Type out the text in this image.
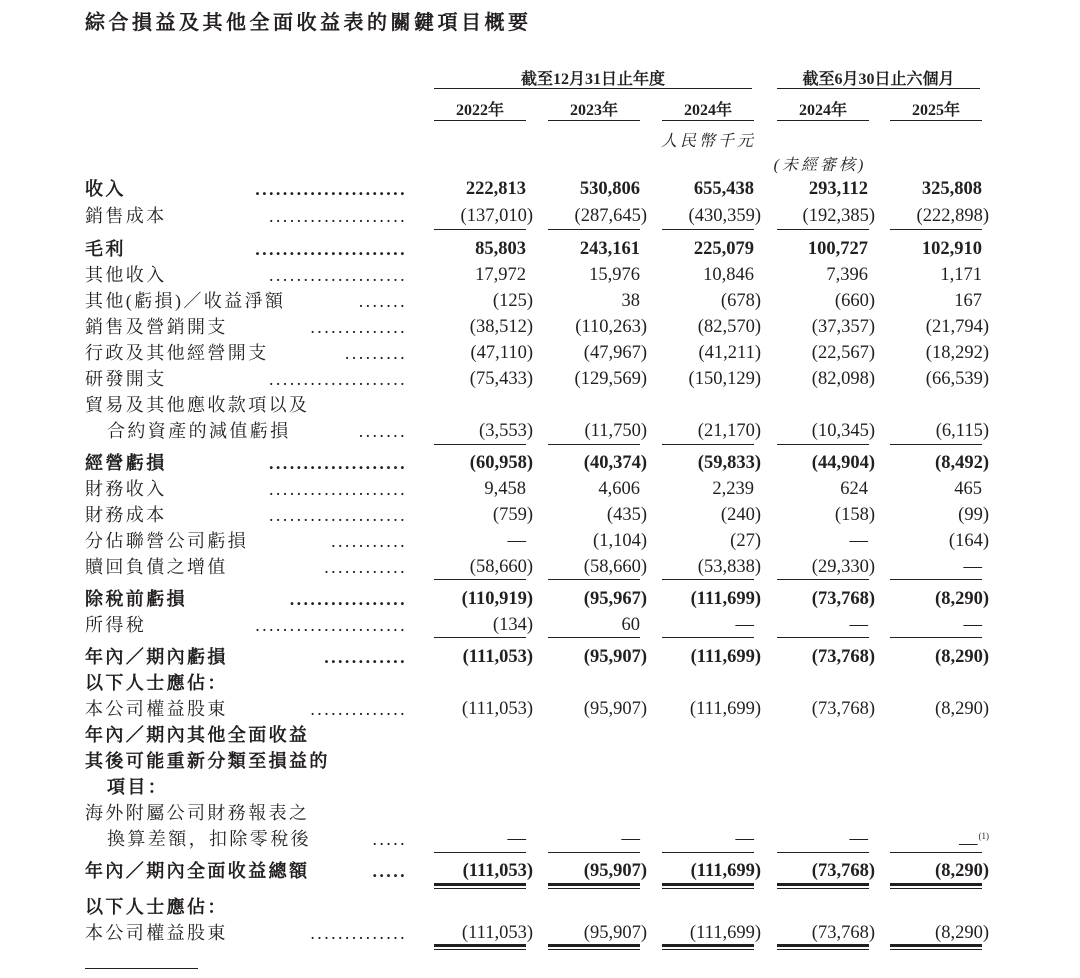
綜合損益及其他全面收益表的關鍵項目概要
截至12月31日止年度	截至6月30日止六個月
2022年	2023年	2024年	2024年	2025年
人民幣千元
(未經審核)
收入	......................	222,813	530,806	655,438	293,112	325,808
銷售成本	....................	(137,010)	(287,645)	(430,359)	(192,385)	(222,898)
毛利	......................	85,803	243,161	225,079	100,727	102,910
其他收入	....................	17,972	15,976	10,846	7,396	1,171
其他(虧損)／收益淨額	.......	(125)	38	(678)	(660)	167
銷售及營銷開支	..............	(38,512)	(110,263)	(82,570)	(37,357)	(21,794)
行政及其他經營開支	.........	(47,110)	(47,967)	(41,211)	(22,567)	(18,292)
研發開支	....................	(75,433)	(129,569)	(150,129)	(82,098)	(66,539)
貿易及其他應收款項以及
合約資產的減值虧損	.......	(3,553)	(11,750)	(21,170)	(10,345)	(6,115)
經營虧損	....................	(60,958)	(40,374)	(59,833)	(44,904)	(8,492)
財務收入	....................	9,458	4,606	2,239	624	465
財務成本	....................	(759)	(435)	(240)	(158)	(99)
分佔聯營公司虧損	...........	—	(1,104)	(27)	—	(164)
贖回負債之增值	............	(58,660)	(58,660)	(53,838)	(29,330)	—
除稅前虧損	.................	(110,919)	(95,967)	(111,699)	(73,768)	(8,290)
所得稅	......................	(134)	60	—	—	—
年內／期內虧損	............	(111,053)	(95,907)	(111,699)	(73,768)	(8,290)
以下人士應佔：
本公司權益股東	..............	(111,053)	(95,907)	(111,699)	(73,768)	(8,290)
年內／期內其他全面收益
其後可能重新分類至損益的
項目：
海外附屬公司財務報表之
換算差額，扣除零稅後	.....	—	—	—	—	—$^{(1)}$
年內／期內全面收益總額	.....	(111,053)	(95,907)	(111,699)	(73,768)	(8,290)
以下人士應佔：
本公司權益股東	..............	(111,053)	(95,907)	(111,699)	(73,768)	(8,290)
